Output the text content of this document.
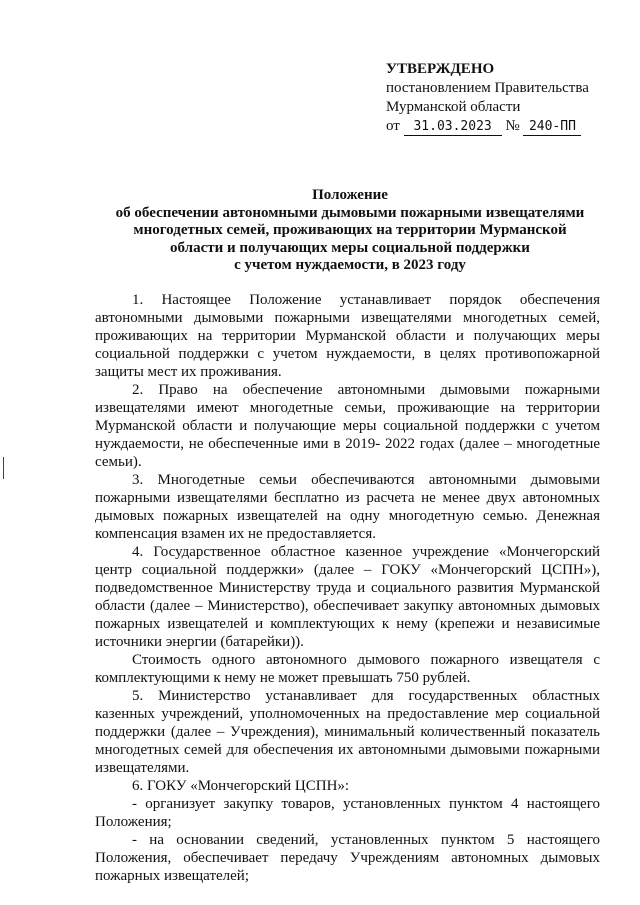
УТВЕРЖДЕНО
постановлением Правительства
Мурманской области
от 31.03.2023 № 240-ПП
Положение
об обеспечении автономными дымовыми пожарными извещателями
многодетных семей, проживающих на территории Мурманской
области и получающих меры социальной поддержки
с учетом нуждаемости, в 2023 году

1. Настоящее Положение устанавливает порядок обеспечения автономными дымовыми пожарными извещателями многодетных семей, проживающих на территории Мурманской области и получающих меры социальной поддержки с учетом нуждаемости, в целях противопожарной защиты мест их проживания.

2. Право на обеспечение автономными дымовыми пожарными извещателями имеют многодетные семьи, проживающие на территории Мурманской области и получающие меры социальной поддержки с учетом нуждаемости, не обеспеченные ими в 2019- 2022 годах (далее – многодетные семьи).

3. Многодетные семьи обеспечиваются автономными дымовыми пожарными извещателями бесплатно из расчета не менее двух автономных дымовых пожарных извещателей на одну многодетную семью. Денежная компенсация взамен их не предоставляется.

4. Государственное областное казенное учреждение «Мончегорский центр социальной поддержки» (далее – ГОКУ «Мончегорский ЦСПН»), подведомственное Министерству труда и социального развития Мурманской области (далее – Министерство), обеспечивает закупку автономных дымовых пожарных извещателей и комплектующих к нему (крепежи и независимые источники энергии (батарейки)).

Стоимость одного автономного дымового пожарного извещателя с комплектующими к нему не может превышать 750 рублей.

5. Министерство устанавливает для государственных областных казенных учреждений, уполномоченных на предоставление мер социальной поддержки (далее – Учреждения), минимальный количественный показатель многодетных семей для обеспечения их автономными дымовыми пожарными извещателями.

6. ГОКУ «Мончегорский ЦСПН»:

- организует закупку товаров, установленных пунктом 4 настоящего Положения;

- на основании сведений, установленных пунктом 5 настоящего Положения, обеспечивает передачу Учреждениям автономных дымовых пожарных извещателей;
